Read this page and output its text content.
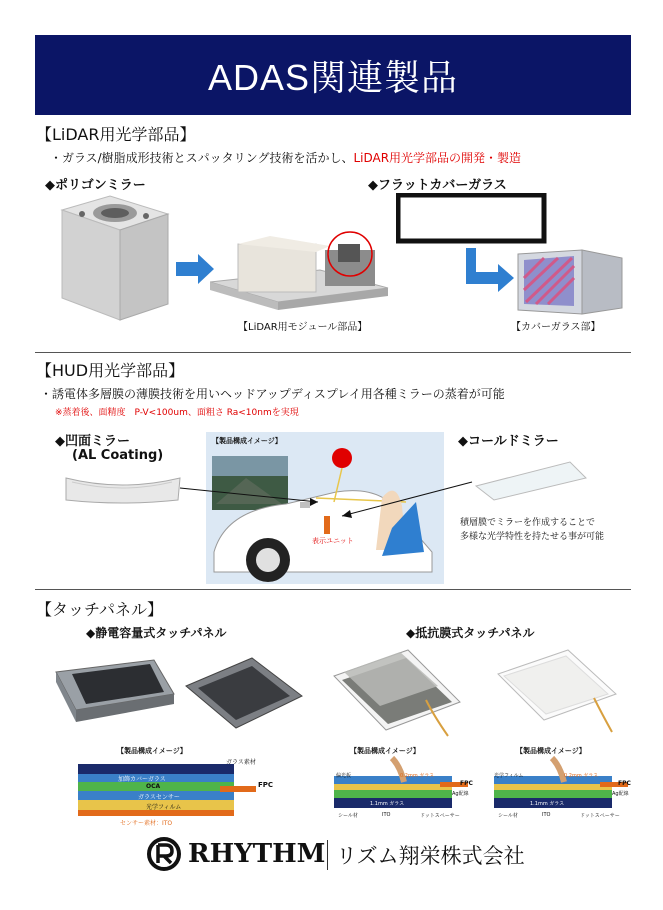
ADAS関連製品
【LiDAR用光学部品】
・ガラス/樹脂成形技術とスパッタリング技術を活かし、LiDAR用光学部品の開発・製造
◆ポリゴンミラー	◆フラットカバーガラス
【LiDAR用モジュール部品】	【カバーガラス部】
【HUD用光学部品】
・誘電体多層膜の薄膜技術を用いヘッドアップディスプレイ用各種ミラーの蒸着が可能
※蒸着後、面精度　P-V<100um、面粗さ Ra<10nmを実現
◆凹面ミラー
(AL Coating)
◆コールドミラー
【製品構成イメージ】
表示ユニット
積層膜でミラーを作成することで
多様な光学特性を持たせる事が可能
【タッチパネル】
◆静電容量式タッチパネル	◆抵抗膜式タッチパネル
【製品構成イメージ】
ガラス素材
加飾カバーガラス
OCA
ガラスセンサー
光学フィルム
センサー素材：ITO
FPC
【製品構成イメージ】
偏光板	0.2mm ガラス
FPC
Ag配線
1.1mm ガラス
シール材	ITO	ドットスペーサー
【製品構成イメージ】
光学フィルム	0.2mm ガラス
FPC
Ag配線
1.1mm ガラス
シール材	ITO	ドットスペーサー
RHYTHM リズム翔栄株式会社
